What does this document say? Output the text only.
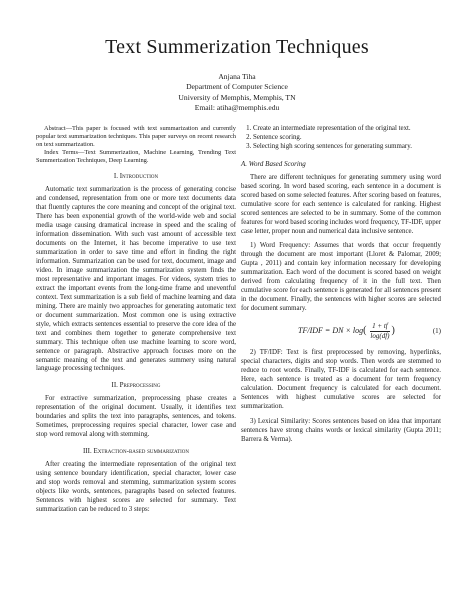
Text Summerization Techniques
Anjana Tiha
Department of Computer Science
University of Memphis, Memphis, TN
Email: atiha@memphis.edu

Abstract—This paper is focused with text summarization and currently popular text summarization techniques. This paper surveys on recent research on text summarization.

Index Terms—Text Summerization, Machine Learning, Trending Text Summerization Techniques, Deep Learning.

I. Introduction

Automatic text summarization is the process of generating concise and condensed, representation from one or more text documents data that fluently captures the core meaning and concept of the original text. There has been exponential growth of the world-wide web and social media usage causing dramatical increase in speed and the scaling of information dissemination. With such vast amount of accessible text documents on the Internet, it has become imperative to use text summarization in order to save time and effort in finding the right information. Summarization can be used for text, document, image and video. In image summarization the summarization system finds the most representative and important images. For videos, system tries to extract the important events from the long-time frame and uneventful context. Text summarization is a sub field of machine learning and data mining. There are mainly two approaches for generating automatic text or document summarization. Most common one is using extractive style, which extracts sentences essential to preserve the core idea of the text and combines them together to generate comprehensive text summary. This technique often use machine learning to score word, sentence or paragraph. Abstractive approach focuses more on the semantic meaning of the text and generates summery using natural language processing techniques.

II. Preprocessing

For extractive summarization, preprocessing phase creates a representation of the original document. Usually, it identifies text boundaries and splits the text into paragraphs, sentences, and tokens. Sometimes, preprocessing requires special character, lower case and stop word removal along with stemming.

III. Extraction-based summarization

After creating the intermediate representation of the original text using sentence boundary identification, special character, lower case and stop words removal and stemming, summarization system scores objects like words, sentences, paragraphs based on selected features. Sentences with highest scores are selected for summary. Text summarization can be reduced to 3 steps:

1. Create an intermediate representation of the original text.
2. Sentence scoring.
3. Selecting high scoring sentences for generating summary.
A. Word Based Scoring

There are different techniques for generating summery using word based scoring. In word based scoring, each sentence in a document is scored based on some selected features. After scoring based on features, cumulative score for each sentence is calculated for ranking. Highest scored sentences are selected to be in summary. Some of the common features for word based scoring includes word frequency, TF-IDF, upper case letter, proper noun and numerical data inclusive sentence.

1) Word Frequency: Assumes that words that occur frequently through the document are most important (Lloret & Palomar, 2009; Gupta , 2011) and contain key information necessary for developing summarization. Each word of the document is scored based on weight derived from calculating frequency of it in the full text. Then cumulative score for each sentence is generated for all sentences present in the document. Finally, the sentences with higher scores are selected for document summary.

TF/IDF = DN × log ( $\frac{1 + tf}{\log(df)}$ )	(1)

2) TF/IDF: Text is first preprocessed by removing, hyperlinks, special characters, digits and stop words. Then words are stemmed to reduce to root words. Finally, TF-IDF is calculated for each sentence. Here, each sentence is treated as a document for term frequency calculation. Document frequency is calculated for each document. Sentences with highest cumulative scores are selected for summarization.

3) Lexical Similarity: Scores sentences based on idea that important sentences have strong chains words or lexical similarity (Gupta 2011; Barrera & Verma).
